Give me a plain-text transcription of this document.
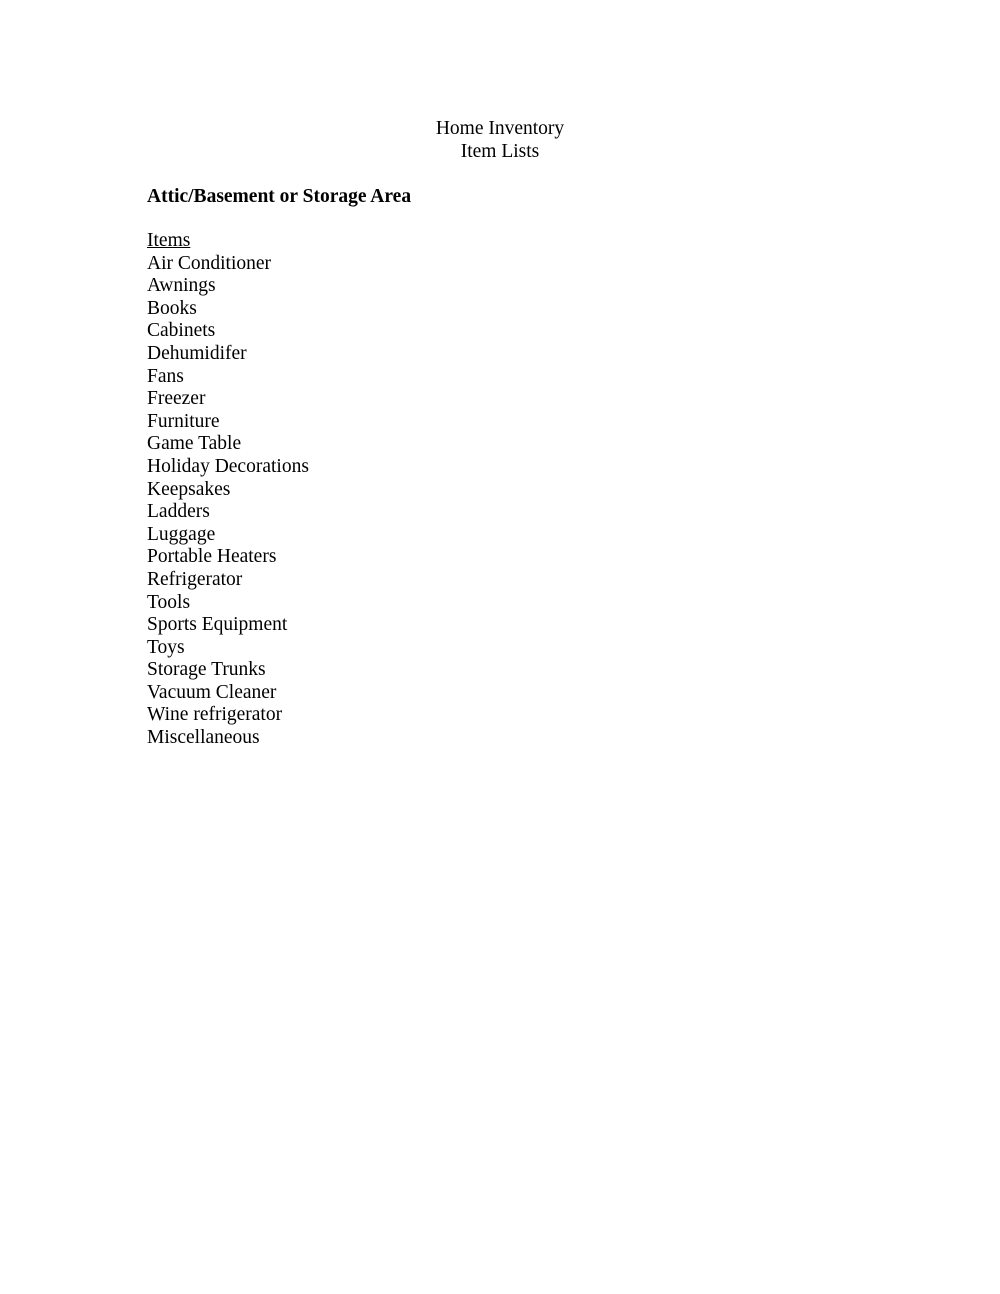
Home Inventory
Item Lists
Attic/Basement or Storage Area
Items
Air Conditioner
Awnings
Books
Cabinets
Dehumidifer
Fans
Freezer
Furniture
Game Table
Holiday Decorations
Keepsakes
Ladders
Luggage
Portable Heaters
Refrigerator
Tools
Sports Equipment
Toys
Storage Trunks
Vacuum Cleaner
Wine refrigerator
Miscellaneous
